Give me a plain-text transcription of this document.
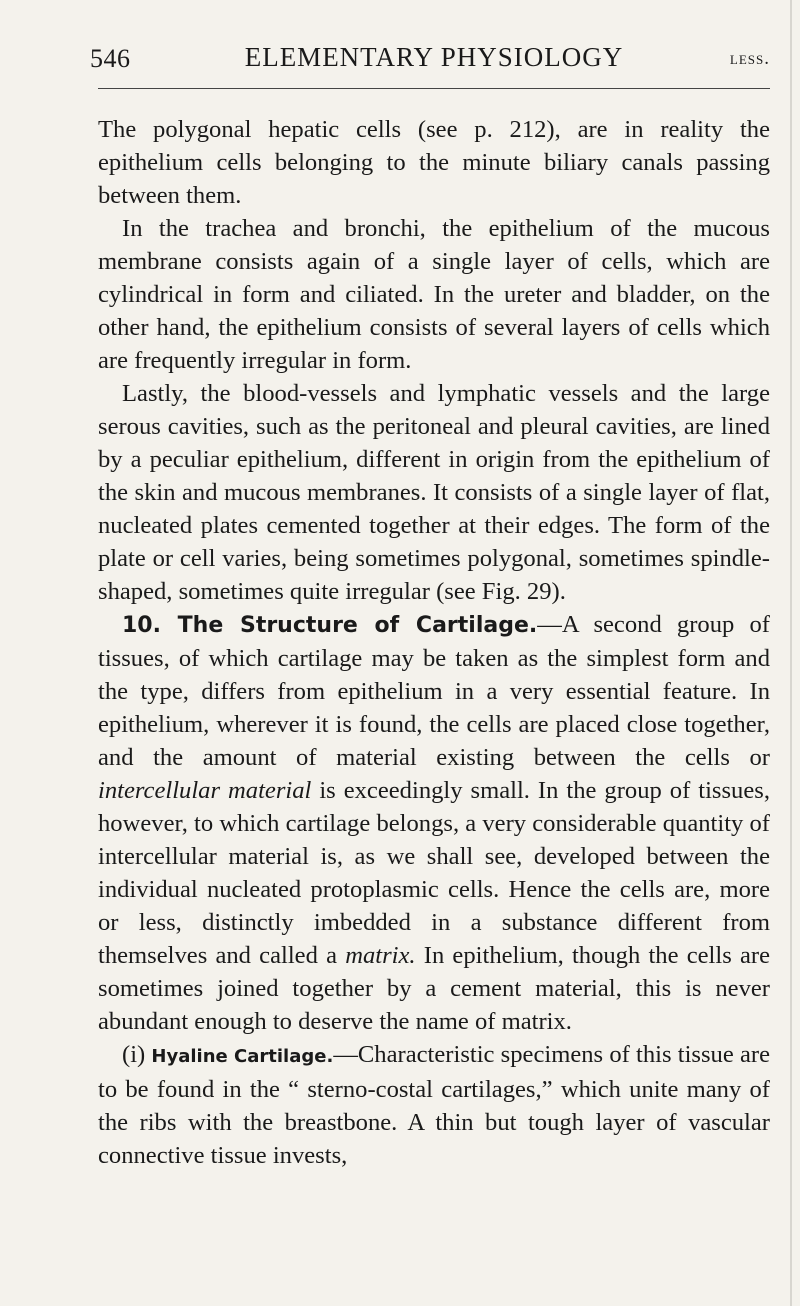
546	ELEMENTARY PHYSIOLOGY	less.

The polygonal hepatic cells (see p. 212), are in reality the epithelium cells belonging to the minute biliary canals passing between them.

In the trachea and bronchi, the epithelium of the mucous membrane consists again of a single layer of cells, which are cylindrical in form and ciliated. In the ureter and bladder, on the other hand, the epithelium consists of several layers of cells which are frequently irregular in form.

Lastly, the blood-vessels and lymphatic vessels and the large serous cavities, such as the peritoneal and pleural cavities, are lined by a peculiar epithelium, different in origin from the epithelium of the skin and mucous membranes. It consists of a single layer of flat, nucleated plates cemented together at their edges. The form of the plate or cell varies, being sometimes polygonal, sometimes spindle-shaped, sometimes quite irregular (see Fig. 29).

10. The Structure of Cartilage.—A second group of tissues, of which cartilage may be taken as the simplest form and the type, differs from epithelium in a very essential feature. In epithelium, wherever it is found, the cells are placed close together, and the amount of material existing between the cells or intercellular material is exceedingly small. In the group of tissues, however, to which cartilage belongs, a very considerable quantity of intercellular material is, as we shall see, developed between the individual nucleated protoplasmic cells. Hence the cells are, more or less, distinctly imbedded in a substance different from themselves and called a matrix. In epithelium, though the cells are sometimes joined together by a cement material, this is never abundant enough to deserve the name of matrix.

(i) Hyaline Cartilage.—Characteristic specimens of this tissue are to be found in the “ sterno-costal cartilages,” which unite many of the ribs with the breastbone. A thin but tough layer of vascular connective tissue invests,
